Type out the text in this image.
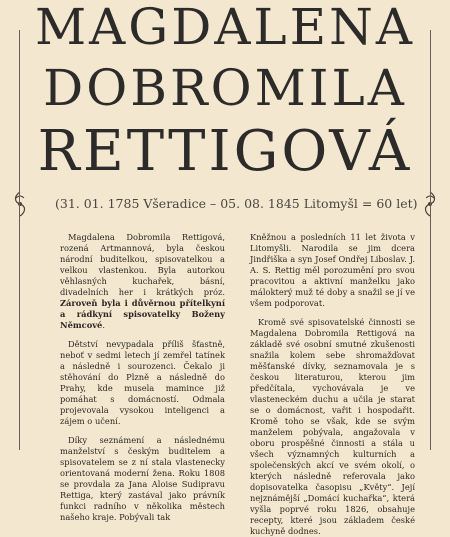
MAGDALENA
DOBROMILA
RETTIGOVÁ
(31. 01. 1785 Všeradice – 05. 08. 1845 Litomyšl = 60 let)

Magdalena Dobromila Rettigová, rozená Artmannová, byla českou národní buditelkou, spisovatelkou a velkou vlastenkou. Byla autorkou věhlasných kuchařek, básní, divadelních her i krátkých próz. Zároveň byla i důvěrnou přítelkyní a rádkyní spisovatelky Boženy Němcové.

Dětství nevypadala příliš šťastně, neboť v sedmi letech jí zemřel tatínek a následně i sourozenci. Čekalo ji stěhování do Plzně a následně do Prahy, kde musela mamince již pomáhat s domácností. Odmala projevovala vysokou inteligenci a zájem o učení.

Díky seznámení a následnému manželství s českým buditelem a spisovatelem se z ní stala vlastenecky orientovaná moderní žena. Roku 1808 se provdala za Jana Aloise Sudipravu Rettiga, který zastával jako právník funkci radního v několika městech našeho kraje. Pobývali tak

Kněžnou a posledních 11 let života v Litomyšli. Narodila se jim dcera Jindřiška a syn Josef Ondřej Liboslav. J. A. S. Rettig měl porozumění pro svou pracovitou a aktivní manželku jako málokterý muž té doby a snažil se jí ve všem podporovat.

Kromě své spisovatelské činnosti se Magdalena Dobromila Rettigová na základě své osobní smutné zkušenosti snažila kolem sebe shromažďovat měšťanské dívky, seznamovala je s českou literaturou, kterou jim předčítala, vychovávala je ve vlasteneckém duchu a učila je starat se o domácnost, vařit i hospodařit. Kromě toho se však, kde se svým manželem pobývala, angažovala v oboru prospěšné činnosti a stála u všech významných kulturních a společenských akcí ve svém okolí, o kterých následně referovala jako dopisovatelka časopisu „Květy“. Její nejznámější „Domácí kuchařka“, která vyšla poprvé roku 1826, obsahuje recepty, které jsou základem české kuchyně dodnes.
